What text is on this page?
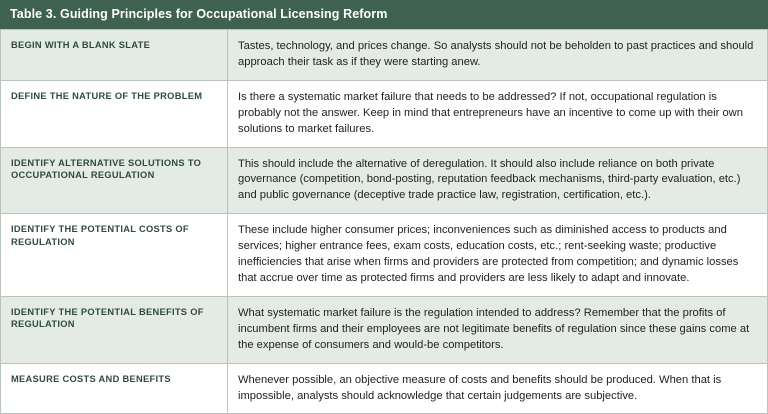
Table 3. Guiding Principles for Occupational Licensing Reform
BEGIN WITH A BLANK SLATE	Tastes, technology, and prices change. So analysts should not be beholden to past practices and should approach their task as if they were starting anew.
DEFINE THE NATURE OF THE PROBLEM	Is there a systematic market failure that needs to be addressed? If not, occupational regulation is probably not the answer. Keep in mind that entrepreneurs have an incentive to come up with their own solutions to market failures.
IDENTIFY ALTERNATIVE SOLUTIONS TO OCCUPATIONAL REGULATION	This should include the alternative of deregulation. It should also include reliance on both private governance (competition, bond-posting, reputation feedback mechanisms, third-party evaluation, etc.) and public governance (deceptive trade practice law, registration, certification, etc.).
IDENTIFY THE POTENTIAL COSTS OF REGULATION	These include higher consumer prices; inconveniences such as diminished access to products and services; higher entrance fees, exam costs, education costs, etc.; rent-seeking waste; productive inefficiencies that arise when firms and providers are protected from competition; and dynamic losses that accrue over time as protected firms and providers are less likely to adapt and innovate.
IDENTIFY THE POTENTIAL BENEFITS OF REGULATION	What systematic market failure is the regulation intended to address? Remember that the profits of incumbent firms and their employees are not legitimate benefits of regulation since these gains come at the expense of consumers and would-be competitors.
MEASURE COSTS AND BENEFITS	Whenever possible, an objective measure of costs and benefits should be produced. When that is impossible, analysts should acknowledge that certain judgements are subjective.
